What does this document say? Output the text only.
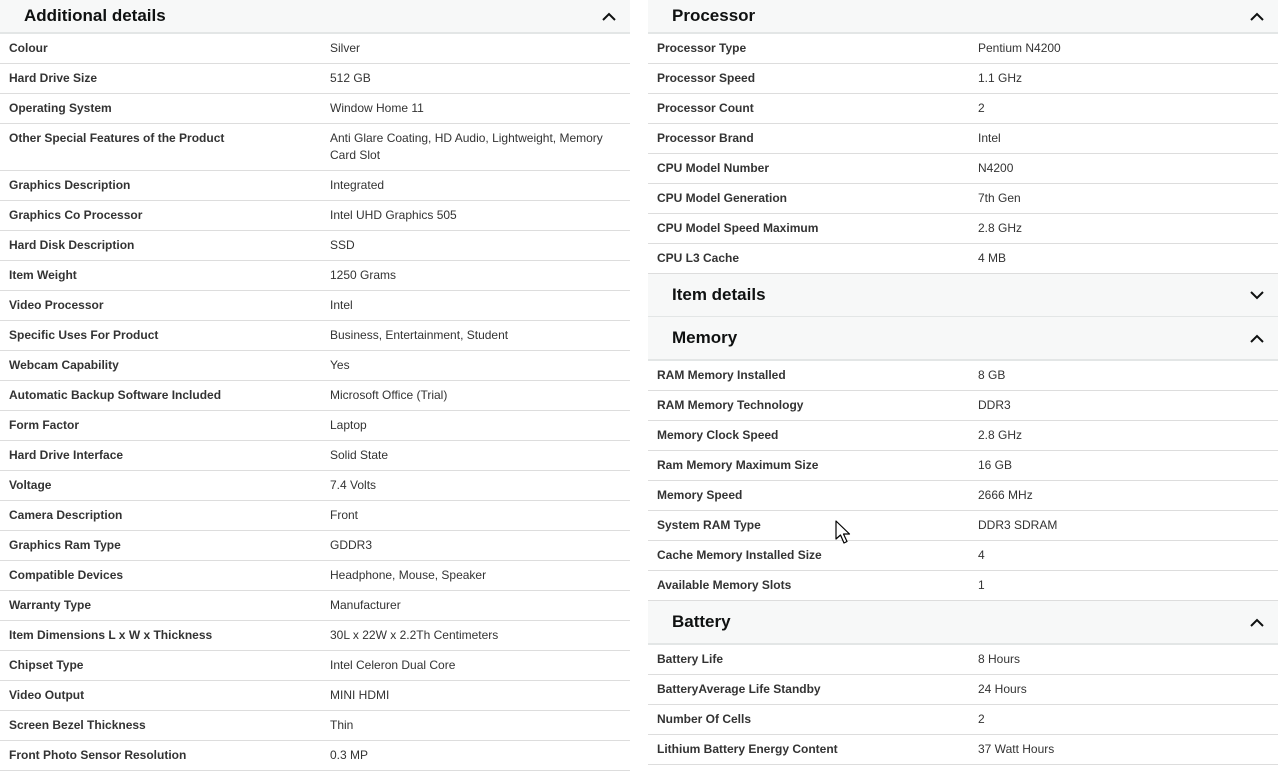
Additional details
Colour	Silver
Hard Drive Size	512 GB
Operating System	Window Home 11
Other Special Features of the Product	Anti Glare Coating, HD Audio, Lightweight, Memory Card Slot
Graphics Description	Integrated
Graphics Co Processor	Intel UHD Graphics 505
Hard Disk Description	SSD
Item Weight	1250 Grams
Video Processor	Intel
Specific Uses For Product	Business, Entertainment, Student
Webcam Capability	Yes
Automatic Backup Software Included	Microsoft Office (Trial)
Form Factor	Laptop
Hard Drive Interface	Solid State
Voltage	7.4 Volts
Camera Description	Front
Graphics Ram Type	GDDR3
Compatible Devices	Headphone, Mouse, Speaker
Warranty Type	Manufacturer
Item Dimensions L x W x Thickness	30L x 22W x 2.2Th Centimeters
Chipset Type	Intel Celeron Dual Core
Video Output	MINI HDMI
Screen Bezel Thickness	Thin
Front Photo Sensor Resolution	0.3 MP
Processor
Processor Type	Pentium N4200
Processor Speed	1.1 GHz
Processor Count	2
Processor Brand	Intel
CPU Model Number	N4200
CPU Model Generation	7th Gen
CPU Model Speed Maximum	2.8 GHz
CPU L3 Cache	4 MB
Item details
Memory
RAM Memory Installed	8 GB
RAM Memory Technology	DDR3
Memory Clock Speed	2.8 GHz
Ram Memory Maximum Size	16 GB
Memory Speed	2666 MHz
System RAM Type	DDR3 SDRAM
Cache Memory Installed Size	4
Available Memory Slots	1
Battery
Battery Life	8 Hours
BatteryAverage Life Standby	24 Hours
Number Of Cells	2
Lithium Battery Energy Content	37 Watt Hours
